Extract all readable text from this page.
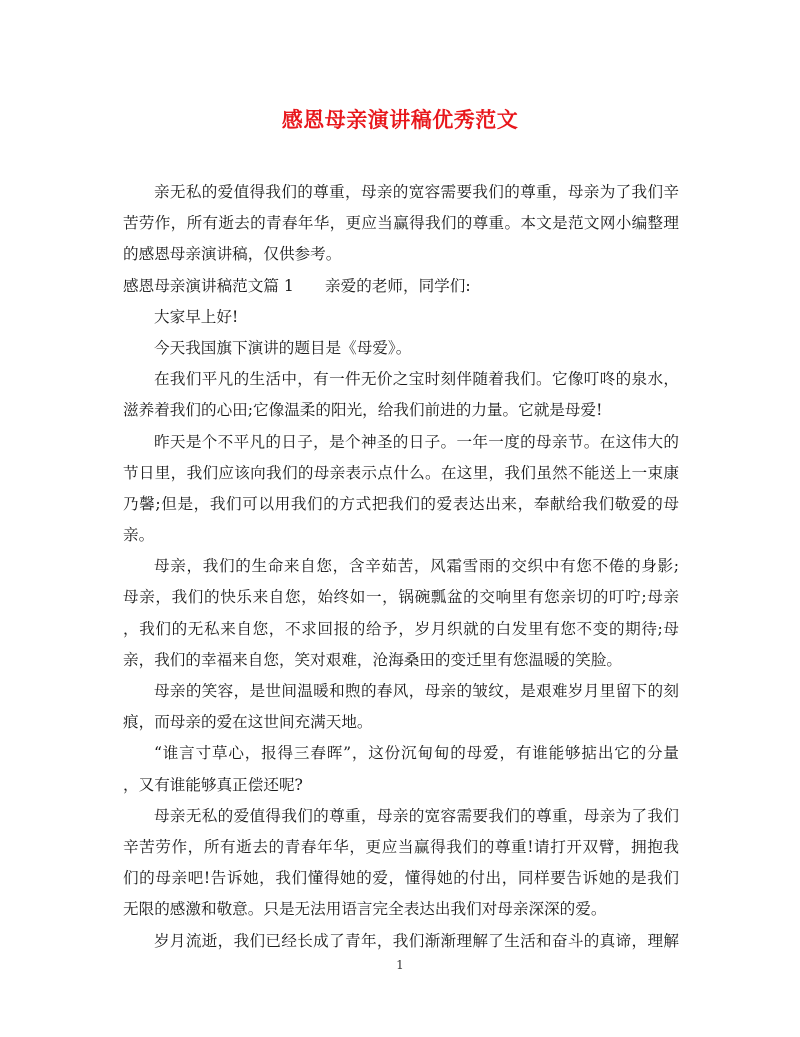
感恩母亲演讲稿优秀范文
亲无私的爱值得我们的尊重，母亲的宽容需要我们的尊重，母亲为了我们辛
苦劳作，所有逝去的青春年华，更应当赢得我们的尊重。本文是范文网小编整理
的感恩母亲演讲稿，仅供参考。
感恩母亲演讲稿范文篇 1	亲爱的老师，同学们:
大家早上好!
今天我国旗下演讲的题目是《母爱》。
在我们平凡的生活中，有一件无价之宝时刻伴随着我们。它像叮咚的泉水，
滋养着我们的心田;它像温柔的阳光，给我们前进的力量。它就是母爱!
昨天是个不平凡的日子，是个神圣的日子。一年一度的母亲节。在这伟大的
节日里，我们应该向我们的母亲表示点什么。在这里，我们虽然不能送上一束康
乃馨;但是，我们可以用我们的方式把我们的爱表达出来，奉献给我们敬爱的母
亲。
母亲，我们的生命来自您，含辛茹苦，风霜雪雨的交织中有您不倦的身影;
母亲，我们的快乐来自您，始终如一，锅碗瓢盆的交响里有您亲切的叮咛;母亲
，我们的无私来自您，不求回报的给予，岁月织就的白发里有您不变的期待;母
亲，我们的幸福来自您，笑对艰难，沧海桑田的变迁里有您温暖的笑脸。
母亲的笑容，是世间温暖和煦的春风，母亲的皱纹，是艰难岁月里留下的刻
痕，而母亲的爱在这世间充满天地。
“谁言寸草心，报得三春晖”，这份沉甸甸的母爱，有谁能够掂出它的分量
，又有谁能够真正偿还呢?
母亲无私的爱值得我们的尊重，母亲的宽容需要我们的尊重，母亲为了我们
辛苦劳作，所有逝去的青春年华，更应当赢得我们的尊重!请打开双臂，拥抱我
们的母亲吧!告诉她，我们懂得她的爱，懂得她的付出，同样要告诉她的是我们
无限的感激和敬意。只是无法用语言完全表达出我们对母亲深深的爱。
岁月流逝，我们已经长成了青年，我们渐渐理解了生活和奋斗的真谛，理解
1
